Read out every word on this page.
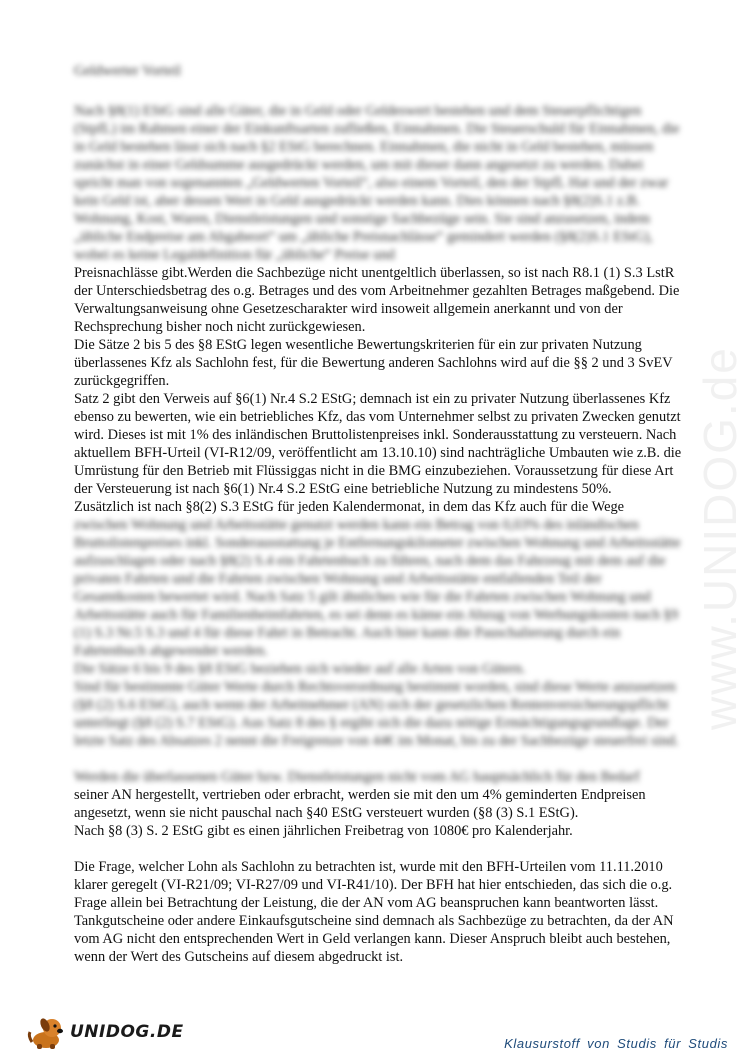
www.UNIDOG.de
Geldwerter Vorteil
Nach §8(1) EStG sind alle Güter, die in Geld oder Geldeswert bestehen und dem Steuerpflichtigen (StpfL) im Rahmen einer der Einkunftsarten zufließen, Einnahmen. Die Steuerschuld für Einnahmen, die in Geld bestehen lässt sich nach §2 EStG berechnen. Einnahmen, die nicht in Geld bestehen, müssen zunächst in einer Geldsumme ausgedrückt werden, um mit dieser dann angesetzt zu werden. Dabei spricht man von sogenannten „Geldwerten Vorteil“, also einem Vorteil, den der StpfL Hat und der zwar kein Geld ist, aber dessen Wert in Geld ausgedrückt werden kann. Dies können nach §8(2)S.1 z.B. Wohnung, Kost, Waren, Dienstleistungen und sonstige Sachbezüge sein. Sie sind anzusetzen, indem „übliche Endpreise am Abgabeort“ um „übliche Preisnachlässe“ gemindert werden (§8(2)S.1 EStG), wobei es keine Legaldefinition für „übliche“ Preise und
Preisnachlässe gibt.Werden die Sachbezüge nicht unentgeltlich überlassen, so ist nach R8.1 (1) S.3 LstR der Unterschiedsbetrag des o.g. Betrages und des vom Arbeitnehmer gezahlten Betrages maßgebend. Die Verwaltungsanweisung ohne Gesetzescharakter wird insoweit allgemein anerkannt und von der Rechsprechung bisher noch nicht zurückgewiesen.
Die Sätze 2 bis 5 des §8 EStG legen wesentliche Bewertungskriterien für ein zur privaten Nutzung überlassenes Kfz als Sachlohn fest, für die Bewertung anderen Sachlohns wird auf die §§ 2 und 3 SvEV zurückgegriffen.
Satz 2 gibt den Verweis auf §6(1) Nr.4 S.2 EStG; demnach ist ein zu privater Nutzung überlassenes Kfz ebenso zu bewerten, wie ein betriebliches Kfz, das vom Unternehmer selbst zu privaten Zwecken genutzt wird. Dieses ist mit 1% des inländischen Bruttolistenpreises inkl. Sonderausstattung zu versteuern. Nach aktuellem BFH-Urteil (VI-R12/09, veröffentlicht am 13.10.10) sind nachträgliche Umbauten wie z.B. die Umrüstung für den Betrieb mit Flüssiggas nicht in die BMG einzubeziehen. Voraussetzung für diese Art der Versteuerung ist nach §6(1) Nr.4 S.2 EStG eine betriebliche Nutzung zu mindestens 50%.
Zusätzlich ist nach §8(2) S.3 EStG für jeden Kalendermonat, in dem das Kfz auch für die Wege
zwischen Wohnung und Arbeitsstätte genutzt werden kann ein Betrag von 0,03% des inländischen Bruttolistenpreises inkl. Sonderausstattung je Entfernungskilometer zwischen Wohnung und Arbeitsstätte aufzuschlagen oder nach §8(2) S.4 ein Fahrtenbuch zu führen, nach dem das Fahrzeug mit dem auf die privaten Fahrten und die Fahrten zwischen Wohnung und Arbeitsstätte entfallenden Teil der Gesamtkosten bewertet wird. Nach Satz 5 gilt ähnliches wie für die Fahrten zwischen Wohnung und Arbeitsstätte auch für Familienheimfahrten, es sei denn es käme ein Abzug von Werbungskosten nach §9 (1) S.3 Nr.5 S.3 und 4 für diese Fahrt in Betracht. Auch hier kann die Pauschalierung durch ein Fahrtenbuch abgewendet werden.
Die Sätze 6 bis 9 des §8 EStG beziehen sich wieder auf alle Arten von Gütern.
Sind für bestimmte Güter Werte durch Rechtsverordnung bestimmt worden, sind diese Werte anzusetzen (§8 (2) S.6 EStG), auch wenn der Arbeitnehmer (AN) sich der gesetzlichen Rentenversicherungspflicht unterliegt (§8 (2) S.7 EStG). Aus Satz 8 des § ergibt sich die dazu nötige Ermächtigungsgrundlage. Der letzte Satz des Absatzes 2 nennt die Freigrenze von 44€ im Monat, bis zu der Sachbezüge steuerfrei sind.
Werden die überlassenen Güter bzw. Dienstleistungen nicht vom AG hauptsächlich für den Bedarf
seiner AN hergestellt, vertrieben oder erbracht, werden sie mit den um 4% geminderten Endpreisen angesetzt, wenn sie nicht pauschal nach §40 EStG versteuert wurden (§8 (3) S.1 EStG).
Nach §8 (3) S. 2 EStG gibt es einen jährlichen Freibetrag von 1080€ pro Kalenderjahr.
Die Frage, welcher Lohn als Sachlohn zu betrachten ist, wurde mit den BFH-Urteilen vom 11.11.2010 klarer geregelt (VI-R21/09; VI-R27/09 und VI-R41/10). Der BFH hat hier entschieden, das sich die o.g. Frage allein bei Betrachtung der Leistung, die der AN vom AG beanspruchen kann beantworten lässt. Tankgutscheine oder andere Einkaufsgutscheine sind demnach als Sachbezüge zu betrachten, da der AN vom AG nicht den entsprechenden Wert in Geld verlangen kann. Dieser Anspruch bleibt auch bestehen, wenn der Wert des Gutscheins auf diesem abgedruckt ist.
UNIDOG.DE
Klausurstoff von Studis für Studis
